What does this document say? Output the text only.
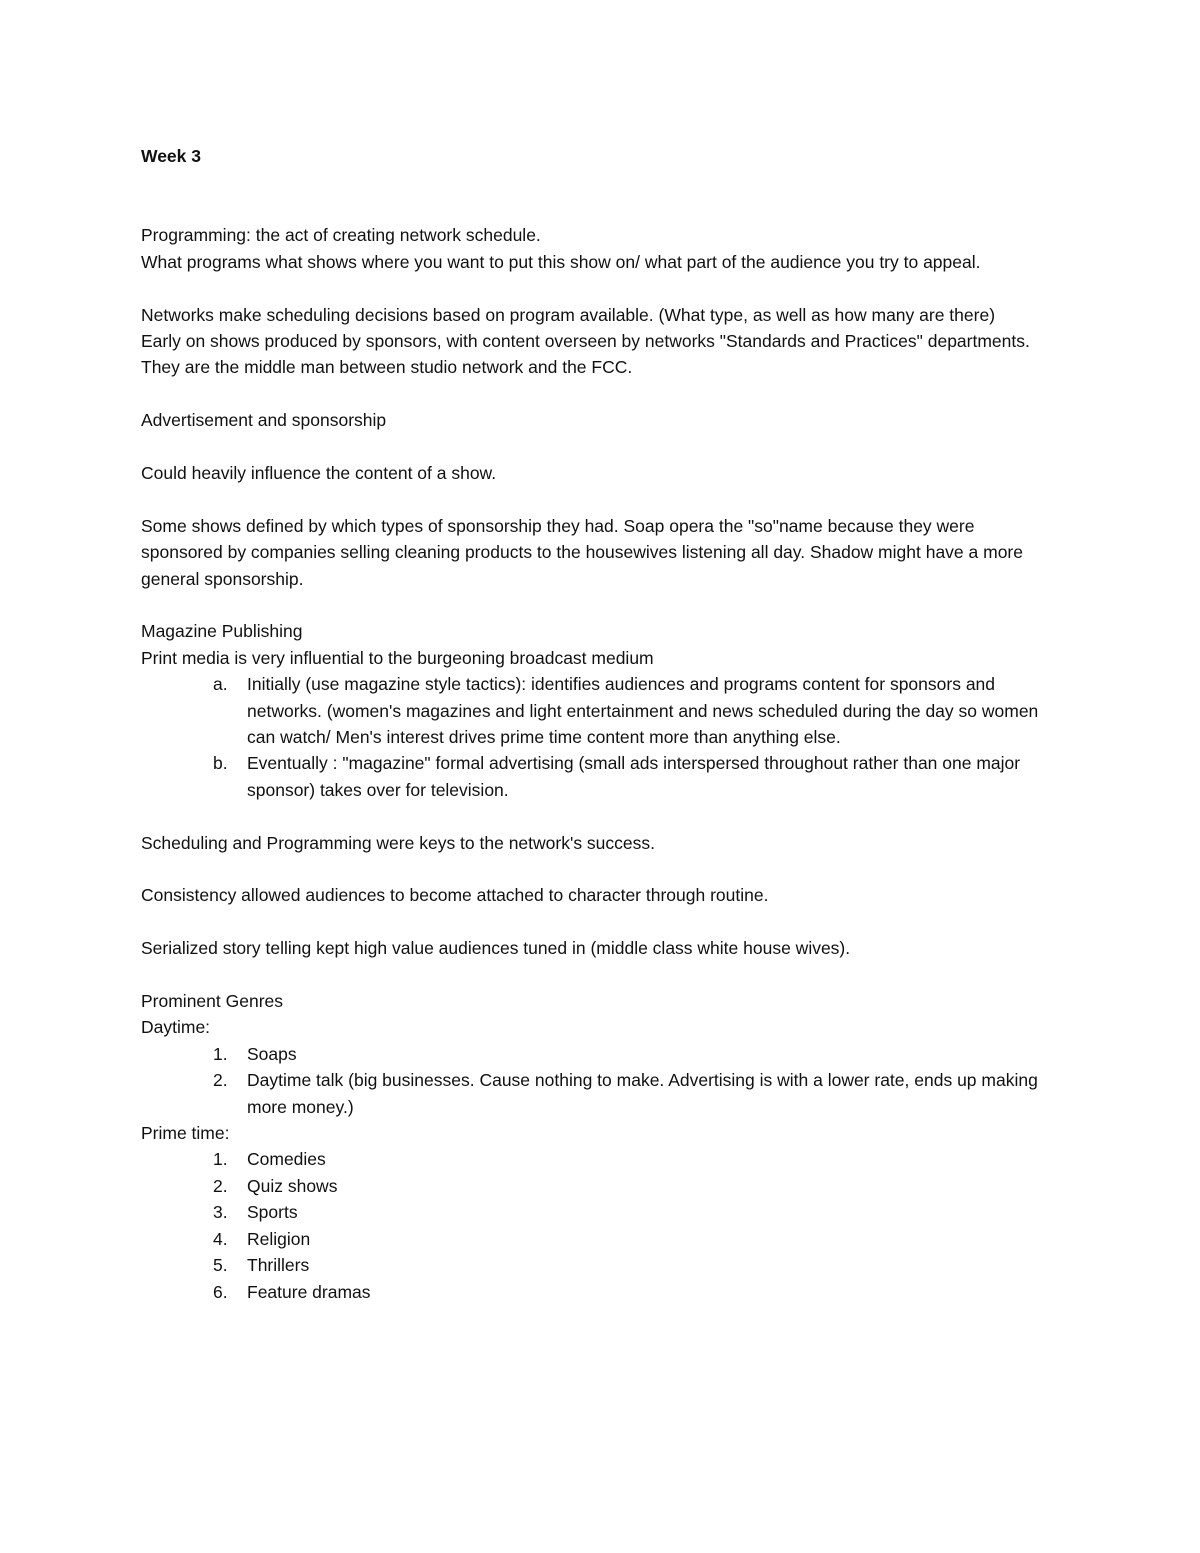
Week 3

Programming: the act of creating network schedule.

What programs what shows where you want to put this show on/ what part of the audience you try to appeal.

Networks make scheduling decisions based on program available. (What type, as well as how many are there)

Early on shows produced by sponsors, with content overseen by networks "Standards and Practices" departments. They are the middle man between studio network and the FCC.

Advertisement and sponsorship

Could heavily influence the content of a show.

Some shows defined by which types of sponsorship they had. Soap opera the "so"name because they were sponsored by companies selling cleaning products to the housewives listening all day. Shadow might have a more general sponsorship.

Magazine Publishing

Print media is very influential to the burgeoning broadcast medium

a. Initially (use magazine style tactics): identifies audiences and programs content for sponsors and networks. (women's magazines and light entertainment and news scheduled during the day so women can watch/ Men's interest drives prime time content more than anything else.
b. Eventually : "magazine" formal advertising (small ads interspersed throughout rather than one major sponsor) takes over for television.

Scheduling and Programming were keys to the network's success.

Consistency allowed audiences to become attached to character through routine.

Serialized story telling kept high value audiences tuned in (middle class white house wives).

Prominent Genres

Daytime:

1. Soaps
2. Daytime talk (big businesses. Cause nothing to make. Advertising is with a lower rate, ends up making more money.)

Prime time:

1. Comedies
2. Quiz shows
3. Sports
4. Religion
5. Thrillers
6. Feature dramas
